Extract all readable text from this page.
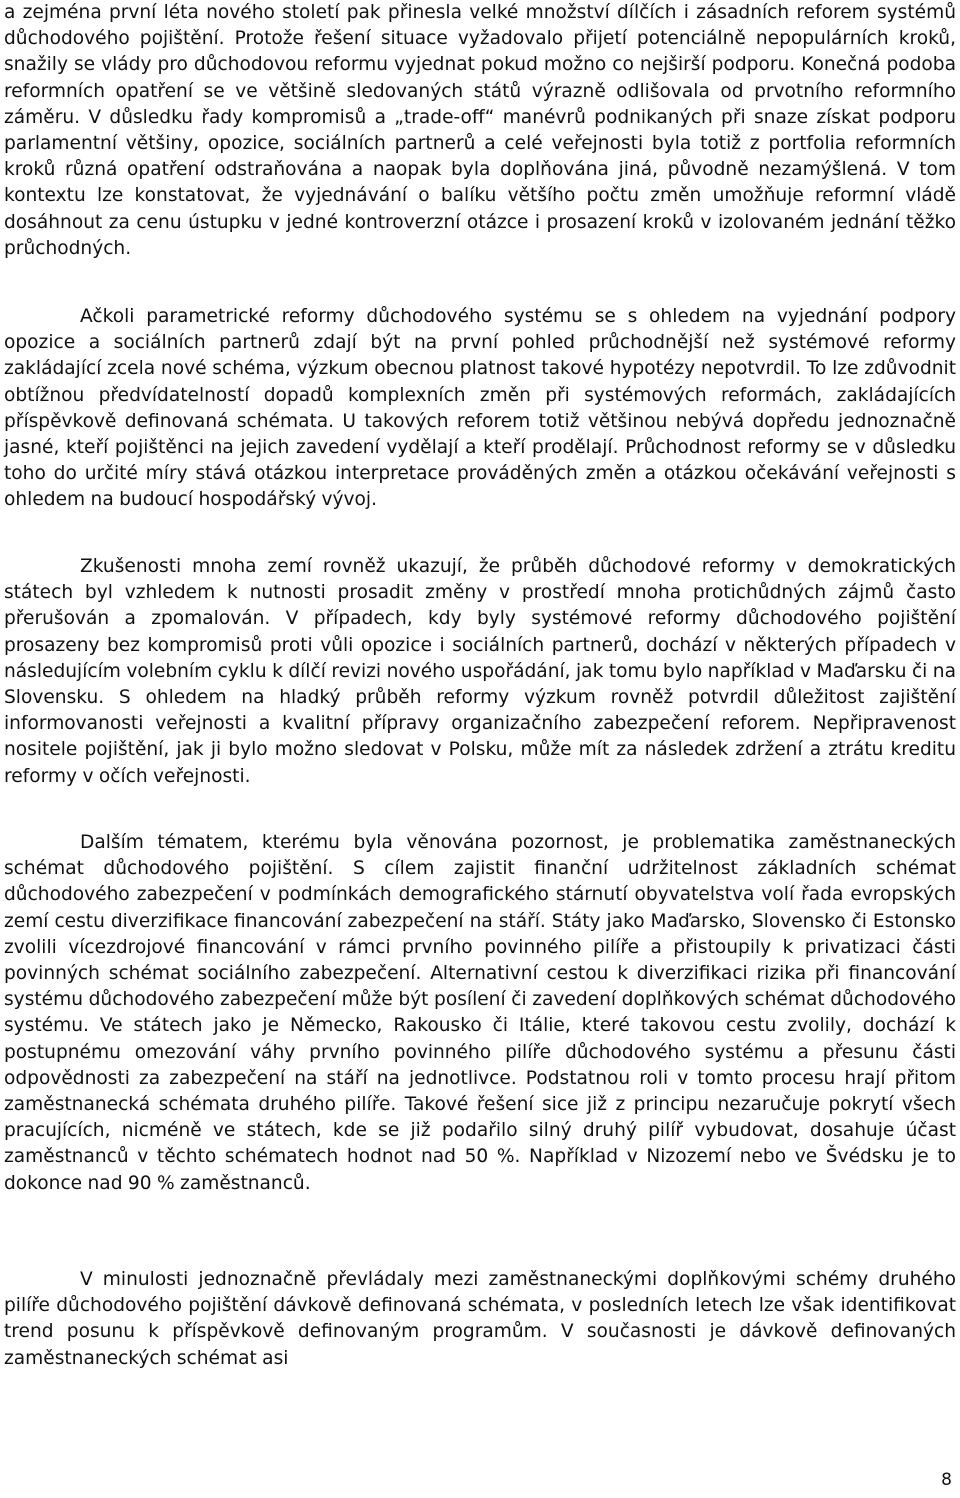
a zejména první léta nového století pak přinesla velké množství dílčích i zásadních reforem systémů důchodového pojištění. Protože řešení situace vyžadovalo přijetí potenciálně nepopulárních kroků, snažily se vlády pro důchodovou reformu vyjednat pokud možno co nejširší podporu. Konečná podoba reformních opatření se ve většině sledovaných států výrazně odlišovala od prvotního reformního záměru. V důsledku řady kompromisů a „trade-off“ manévrů podnikaných při snaze získat podporu parlamentní většiny, opozice, sociálních partnerů a celé veřejnosti byla totiž z portfolia reformních kroků různá opatření odstraňována a naopak byla doplňována jiná, původně nezamýšlená. V tom kontextu lze konstatovat, že vyjednávání o balíku většího počtu změn umožňuje reformní vládě dosáhnout za cenu ústupku v jedné kontroverzní otázce i prosazení kroků v izolovaném jednání těžko průchodných.

Ačkoli parametrické reformy důchodového systému se s ohledem na vyjednání podpory opozice a sociálních partnerů zdají být na první pohled průchodnější než systémové reformy zakládající zcela nové schéma, výzkum obecnou platnost takové hypotézy nepotvrdil. To lze zdůvodnit obtížnou předvídatelností dopadů komplexních změn při systémových reformách, zakládajících příspěvkově definovaná schémata. U takových reforem totiž většinou nebývá dopředu jednoznačně jasné, kteří pojištěnci na jejich zavedení vydělají a kteří prodělají. Průchodnost reformy se v důsledku toho do určité míry stává otázkou interpretace prováděných změn a otázkou očekávání veřejnosti s ohledem na budoucí hospodářský vývoj.

Zkušenosti mnoha zemí rovněž ukazují, že průběh důchodové reformy v demokratických státech byl vzhledem k nutnosti prosadit změny v prostředí mnoha protichůdných zájmů často přerušován a zpomalován. V případech, kdy byly systémové reformy důchodového pojištění prosazeny bez kompromisů proti vůli opozice i sociálních partnerů, dochází v některých případech v následujícím volebním cyklu k dílčí revizi nového uspořádání, jak tomu bylo například v Maďarsku či na Slovensku. S ohledem na hladký průběh reformy výzkum rovněž potvrdil důležitost zajištění informovanosti veřejnosti a kvalitní přípravy organizačního zabezpečení reforem. Nepřipravenost nositele pojištění, jak ji bylo možno sledovat v Polsku, může mít za následek zdržení a ztrátu kreditu reformy v očích veřejnosti.

Dalším tématem, kterému byla věnována pozornost, je problematika zaměstnaneckých schémat důchodového pojištění. S cílem zajistit finanční udržitelnost základních schémat důchodového zabezpečení v podmínkách demografického stárnutí obyvatelstva volí řada evropských zemí cestu diverzifikace financování zabezpečení na stáří. Státy jako Maďarsko, Slovensko či Estonsko zvolili vícezdrojové financování v rámci prvního povinného pilíře a přistoupily k privatizaci části povinných schémat sociálního zabezpečení. Alternativní cestou k diverzifikaci rizika při financování systému důchodového zabezpečení může být posílení či zavedení doplňkových schémat důchodového systému. Ve státech jako je Německo, Rakousko či Itálie, které takovou cestu zvolily, dochází k postupnému omezování váhy prvního povinného pilíře důchodového systému a přesunu části odpovědnosti za zabezpečení na stáří na jednotlivce. Podstatnou roli v tomto procesu hrají přitom zaměstnanecká schémata druhého pilíře. Takové řešení sice již z principu nezaručuje pokrytí všech pracujících, nicméně ve státech, kde se již podařilo silný druhý pilíř vybudovat, dosahuje účast zaměstnanců v těchto schématech hodnot nad 50 %. Například v Nizozemí nebo ve Švédsku je to dokonce nad 90 % zaměstnanců.

V minulosti jednoznačně převládaly mezi zaměstnaneckými doplňkovými schémy druhého pilíře důchodového pojištění dávkově definovaná schémata, v posledních letech lze však identifikovat trend posunu k příspěvkově definovaným programům. V současnosti je dávkově definovaných zaměstnaneckých schémat asi

8
